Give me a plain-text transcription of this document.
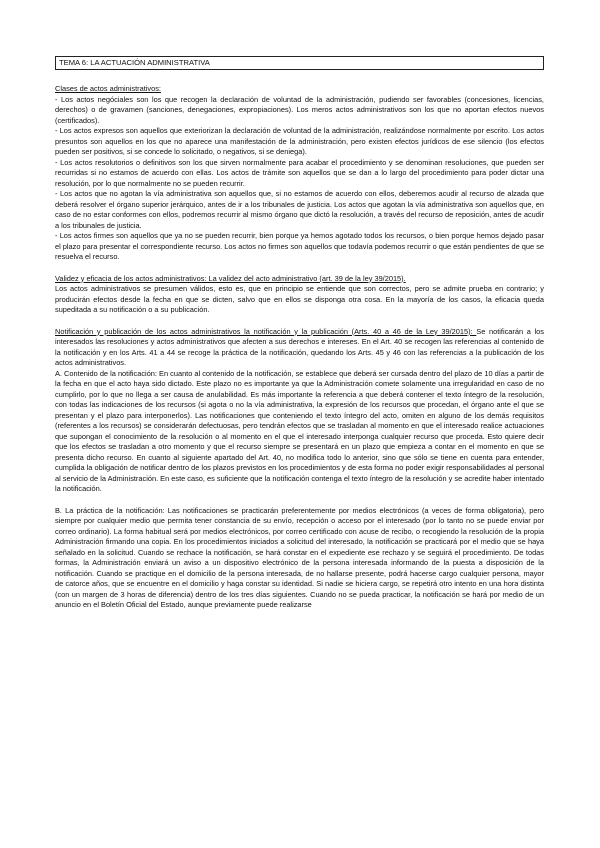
TEMA 6: LA ACTUACIÓN ADMINISTRATIVA

Clases de actos administrativos:

- Los actos negóciales son los que recogen la declaración de voluntad de la administración, pudiendo ser favorables (concesiones, licencias, derechos) o de gravamen (sanciones, denegaciones, expropiaciones). Los meros actos administrativos son los que no aportan efectos nuevos (certificados).

- Los actos expresos son aquellos que exteriorizan la declaración de voluntad de la administración, realizándose normalmente por escrito. Los actos presuntos son aquellos en los que no aparece una manifestación de la administración, pero existen efectos jurídicos de ese silencio (los efectos pueden ser positivos, si se concede lo solicitado, o negativos, si se deniega).

- Los actos resolutorios o definitivos son los que sirven normalmente para acabar el procedimiento y se denominan resoluciones, que pueden ser recurridas si no estamos de acuerdo con ellas. Los actos de trámite son aquellos que se dan a lo largo del procedimiento para poder dictar una resolución, por lo que normalmente no se pueden recurrir.

- Los actos que no agotan la vía administrativa son aquellos que, si no estamos de acuerdo con ellos, deberemos acudir al recurso de alzada que deberá resolver el órgano superior jerárquico, antes de ir a los tribunales de justicia. Los actos que agotan la vía administrativa son aquellos que, en caso de no estar conformes con ellos, podremos recurrir al mismo órgano que dictó la resolución, a través del recurso de reposición, antes de acudir a los tribunales de justicia.

- Los actos firmes son aquellos que ya no se pueden recurrir, bien porque ya hemos agotado todos los recursos, o bien porque hemos dejado pasar el plazo para presentar el correspondiente recurso. Los actos no firmes son aquellos que todavía podemos recurrir o que están pendientes de que se resuelva el recurso.

Validez y eficacia de los actos administrativos: La validez del acto administrativo (art. 39 de la ley 39/2015).

Los actos administrativos se presumen válidos, esto es, que en principio se entiende que son correctos, pero se admite prueba en contrario; y producirán efectos desde la fecha en que se dicten, salvo que en ellos se disponga otra cosa. En la mayoría de los casos, la eficacia queda supeditada a su notificación o a su publicación.

Notificación y publicación de los actos administrativos la notificación y la publicación (Arts. 40 a 46 de la Ley 39/2015): Se notificarán a los interesados las resoluciones y actos administrativos que afecten a sus derechos e intereses. En el Art. 40 se recogen las referencias al contenido de la notificación y en los Arts. 41 a 44 se recoge la práctica de la notificación, quedando los Arts. 45 y 46 con las referencias a la publicación de los actos administrativos.

A. Contenido de la notificación: En cuanto al contenido de la notificación, se establece que deberá ser cursada dentro del plazo de 10 días a partir de la fecha en que el acto haya sido dictado. Este plazo no es importante ya que la Administración comete solamente una irregularidad en caso de no cumplirlo, por lo que no llega a ser causa de anulabilidad. Es más importante la referencia a que deberá contener el texto íntegro de la resolución, con todas las indicaciones de los recursos (si agota o no la vía administrativa, la expresión de los recursos que procedan, el órgano ante el que se presentan y el plazo para interponerlos). Las notificaciones que conteniendo el texto íntegro del acto, omiten en alguno de los demás requisitos (referentes a los recursos) se considerarán defectuosas, pero tendrán efectos que se trasladan al momento en que el interesado realice actuaciones que supongan el conocimiento de la resolución o al momento en el que el interesado interponga cualquier recurso que proceda. Esto quiere decir que los efectos se trasladan a otro momento y que el recurso siempre se presentará en un plazo que empieza a contar en el momento en que se presenta dicho recurso. En cuanto al siguiente apartado del Art. 40, no modifica todo lo anterior, sino que sólo se tiene en cuenta para entender, cumplida la obligación de notificar dentro de los plazos previstos en los procedimientos y de esta forma no poder exigir responsabilidades al personal al servicio de la Administración. En este caso, es suficiente que la notificación contenga el texto íntegro de la resolución y se acredite haber intentado la notificación.

B. La práctica de la notificación: Las notificaciones se practicarán preferentemente por medios electrónicos (a veces de forma obligatoria), pero siempre por cualquier medio que permita tener constancia de su envío, recepción o acceso por el interesado (por lo tanto no se puede enviar por correo ordinario). La forma habitual será por medios electrónicos, por correo certificado con acuse de recibo, o recogiendo la resolución de la propia Administración firmando una copia. En los procedimientos iniciados a solicitud del interesado, la notificación se practicará por el medio que se haya señalado en la solicitud. Cuando se rechace la notificación, se hará constar en el expediente ese rechazo y se seguirá el procedimiento. De todas formas, la Administración enviará un aviso a un dispositivo electrónico de la persona interesada informando de la puesta a disposición de la notificación. Cuando se practique en el domicilio de la persona interesada, de no hallarse presente, podrá hacerse cargo cualquier persona, mayor de catorce años, que se encuentre en el domicilio y haga constar su identidad. Si nadie se hiciera cargo, se repetirá otro intento en una hora distinta (con un margen de 3 horas de diferencia) dentro de los tres días siguientes. Cuando no se pueda practicar, la notificación se hará por medio de un anuncio en el Boletín Oficial del Estado, aunque previamente puede realizarse
